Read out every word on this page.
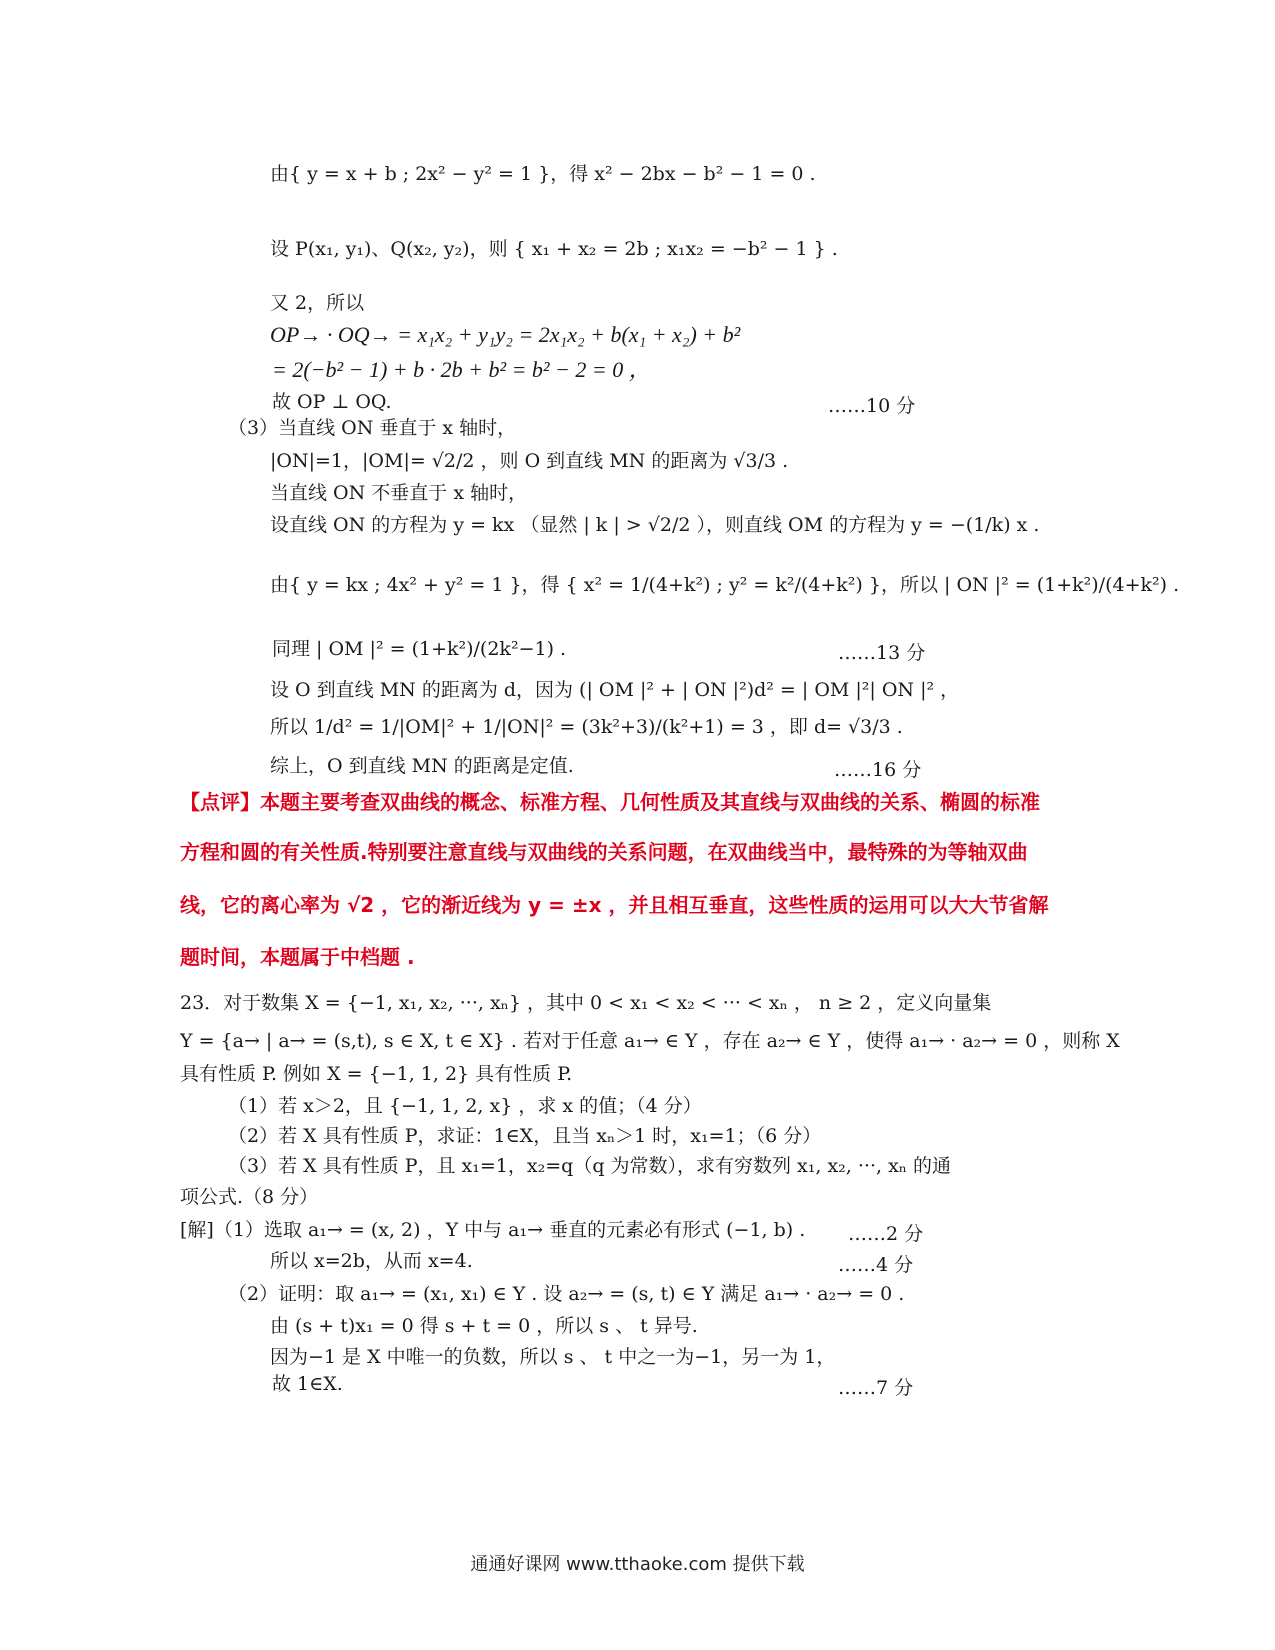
由{ y = x + b ; 2x² − y² = 1 }，得 x² − 2bx − b² − 1 = 0 .
设 P(x₁, y₁)、Q(x₂, y₂)，则 { x₁ + x₂ = 2b ; x₁x₂ = −b² − 1 } .
又 2，所以
OP→ · OQ→ = x₁x₂ + y₁y₂ = 2x₁x₂ + b(x₁ + x₂) + b²
= 2(−b² − 1) + b · 2b + b² = b² − 2 = 0 ，
故 OP ⊥ OQ.	……10 分
（3）当直线 ON 垂直于 x 轴时，
|ON|=1，|OM|= √2/2 ，则 O 到直线 MN 的距离为 √3/3 .
当直线 ON 不垂直于 x 轴时，
设直线 ON 的方程为 y = kx （显然 | k | > √2/2 ），则直线 OM 的方程为 y = −(1/k) x .
由{ y = kx ; 4x² + y² = 1 }，得 { x² = 1/(4+k²) ; y² = k²/(4+k²) }，所以 | ON |² = (1+k²)/(4+k²) .
同理 | OM |² = (1+k²)/(2k²−1) .	……13 分
设 O 到直线 MN 的距离为 d，因为 (| OM |² + | ON |²)d² = | OM |²| ON |² ，
所以 1/d² = 1/|OM|² + 1/|ON|² = (3k²+3)/(k²+1) = 3 ，即 d= √3/3 .
综上，O 到直线 MN 的距离是定值.	……16 分
【点评】本题主要考查双曲线的概念、标准方程、几何性质及其直线与双曲线的关系、椭圆的标准
方程和圆的有关性质.特别要注意直线与双曲线的关系问题，在双曲线当中，最特殊的为等轴双曲
线，它的离心率为 √2 ，它的渐近线为 y = ±x ，并且相互垂直，这些性质的运用可以大大节省解
题时间，本题属于中档题 .
23．对于数集 X = {−1, x₁, x₂, ···, xₙ} ，其中 0 < x₁ < x₂ < ··· < xₙ ， n ≥ 2 ，定义向量集
Y = {a→ | a→ = (s,t), s ∈ X, t ∈ X} . 若对于任意 a₁→ ∈ Y ，存在 a₂→ ∈ Y ，使得 a₁→ · a₂→ = 0 ，则称 X
具有性质 P. 例如 X = {−1, 1, 2} 具有性质 P.
（1）若 x＞2，且 {−1, 1, 2, x} ，求 x 的值；（4 分）
（2）若 X 具有性质 P，求证：1∈X，且当 xₙ＞1 时，x₁=1；（6 分）
（3）若 X 具有性质 P，且 x₁=1，x₂=q（q 为常数），求有穷数列 x₁, x₂, ···, xₙ 的通
项公式.（8 分）
[解]（1）选取 a₁→ = (x, 2) ，Y 中与 a₁→ 垂直的元素必有形式 (−1, b) . ……2 分
所以 x=2b，从而 x=4.	……4 分
（2）证明：取 a₁→ = (x₁, x₁) ∈ Y . 设 a₂→ = (s, t) ∈ Y 满足 a₁→ · a₂→ = 0 .
由 (s + t)x₁ = 0 得 s + t = 0 ，所以 s 、 t 异号.
因为−1 是 X 中唯一的负数，所以 s 、 t 中之一为−1，另一为 1，
故 1∈X.	……7 分
通通好课网 www.tthaoke.com 提供下载
